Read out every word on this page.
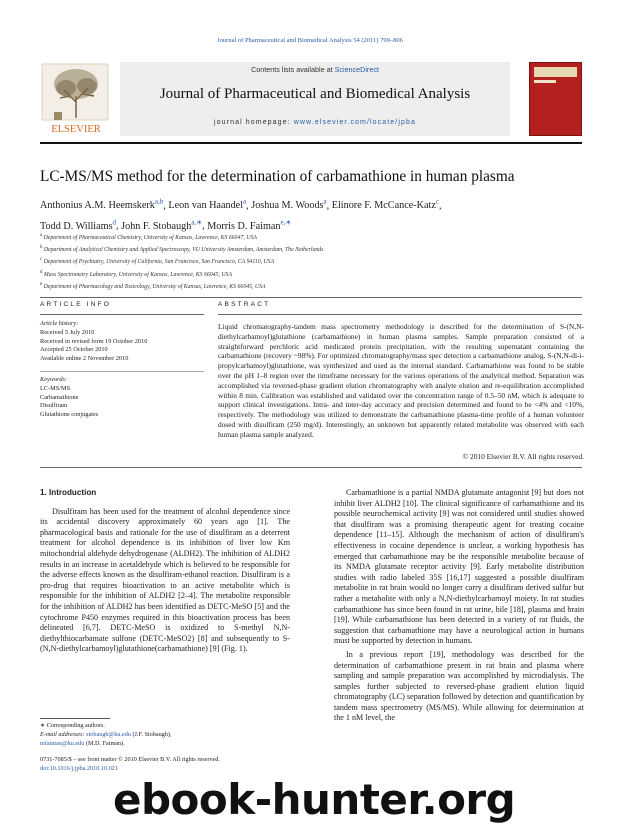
Journal of Pharmaceutical and Biomedical Analysis 54 (2011) 799–806
ELSEVIER
Contents lists available at ScienceDirect
Journal of Pharmaceutical and Biomedical Analysis
journal homepage: www.elsevier.com/locate/jpba
LC-MS/MS method for the determination of carbamathione in human plasma
Anthonius A.M. Heemskerk$^{a,b}$, Leon van Haandel$^a$, Joshua M. Woods$^a$, Elinore F. McCance-Katz$^c$,
Todd D. Williams$^d$, John F. Stobaugh$^{a,∗}$, Morris D. Faiman$^{e,∗}$
$^a$ Department of Pharmaceutical Chemistry, University of Kansas, Lawrence, KS 66047, USA
$^b$ Department of Analytical Chemistry and Applied Spectroscopy, VU University Amsterdam, Amsterdam, The Netherlands
$^c$ Department of Psychiatry, University of California, San Francisco, San Francisco, CA 94110, USA
$^d$ Mass Spectrometry Laboratory, University of Kansas, Lawrence, KS 66045, USA
$^e$ Department of Pharmacology and Toxicology, University of Kansas, Lawrence, KS 66045, USA
ARTICLE INFO	ABSTRACT
Article history:
Received 5 July 2010
Received in revised form 19 October 2010
Accepted 25 October 2010
Available online 2 November 2010
Keywords:
LC-MS/MS
Carbamathione
Disulfiram
Glutathione conjugates
Liquid chromatography-tandem mass spectrometry methodology is described for the determination of S-(N,N-diethylcarbamoyl)glutathione (carbamathione) in human plasma samples. Sample preparation consisted of a straightforward perchloric acid medicated protein precipitation, with the resulting supernatant containing the carbamathione (recovery ~98%). For optimized chromatography/mass spec detection a carbamathione analog, S-(N,N-di-i-propylcarbamoyl)glutathione, was synthesized and used as the internal standard. Carbamathione was found to be stable over the pH 1–8 region over the timeframe necessary for the various operations of the analytical method. Separation was accomplished via reversed-phase gradient elution chromatography with analyte elution and re-equilibration accomplished within 8 min. Calibration was established and validated over the concentration range of 0.5–50 nM, which is adequate to support clinical investigations. Intra- and inter-day accuracy and precision determined and found to be <4% and <10%, respectively. The methodology was utilized to demonstrate the carbamathione plasma-time profile of a human volunteer dosed with disulfiram (250 mg/d). Interestingly, an unknown but apparently related metabolite was observed with each human plasma sample analyzed.
© 2010 Elsevier B.V. All rights reserved.
1. Introduction

Disulfiram has been used for the treatment of alcohol dependence since its accidental discovery approximately 60 years ago [1]. The pharmacological basis and rationale for the use of disulfiram as a deterrent treatment for alcohol dependence is its inhibition of liver low Km mitochondrial aldehyde dehydrogenase (ALDH2). The inhibition of ALDH2 results in an increase in acetaldehyde which is believed to be responsible for the adverse effects known as the disulfiram-ethanol reaction. Disulfiram is a pro-drug that requires bioactivation to an active metabolite which is responsible for the inhibition of ALDH2 [2–4]. The metabolite responsible for the inhibition of ALDH2 has been identified as DETC-MeSO [5] and the cytochrome P450 enzymes required in this bioactivation process has been delineated [6,7]. DETC-MeSO is oxidized to S-methyl N,N-diethylthiocarbamate sulfone (DETC-MeSO2) [8] and subsequently to S-(N,N-diethylcarbamoyl)glutathione(carbamathione) [9] (Fig. 1).

Carbamathione is a partial NMDA glutamate antagonist [9] but does not inhibit liver ALDH2 [10]. The clinical significance of carbamathione and its possible neurochemical activity [9] was not considered until studies showed that disulfiram was a promising therapeutic agent for treating cocaine dependence [11–15]. Although the mechanism of action of disulfiram's effectiveness in cocaine dependence is unclear, a working hypothesis has emerged that carbamathione may be the responsible metabolite because of its NMDA glutamate receptor activity [9]. Early metabolite distribution studies with radio labeled 35S [16,17] suggested a possible disulfiram metabolite in rat brain would no longer carry a disulfiram derived sulfur but rather a metabolite with only a N,N-diethylcarbamoyl moiety. In rat studies carbamathione has since been found in rat urine, bile [18], plasma and brain [19]. While carbamathione has been detected in a variety of rat fluids, the suggestion that carbamathione may have a neurological action in humans must be supported by detection in humans.

In a previous report [19], methodology was described for the determination of carbamathione present in rat brain and plasma where sampling and sample preparation was accomplished by microdialysis. The samples further subjected to reversed-phase gradient elution liquid chromatography (LC) separation followed by detection and quantification by tandem mass spectrometry (MS/MS). While allowing for determination at the 1 nM level, the

∗ Corresponding authors.
E-mail addresses: stobaugh@ku.edu (J.F. Stobaugh),
mfaiman@ku.edu (M.D. Faiman).
0731-7085/$ – see front matter © 2010 Elsevier B.V. All rights reserved.
doi:10.1016/j.jpba.2010.10.021
ebook-hunter.org
